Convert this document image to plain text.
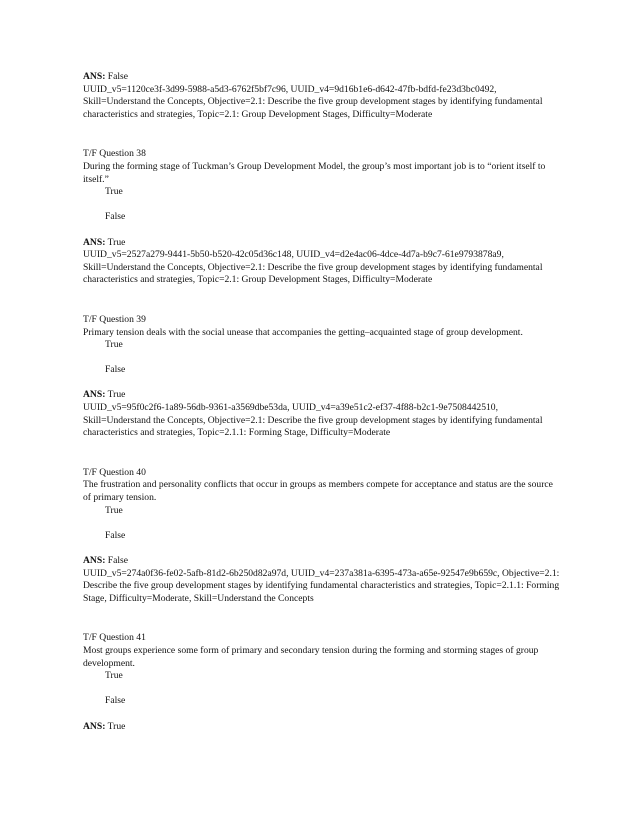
ANS: False

UUID_v5=1120ce3f-3d99-5988-a5d3-6762f5bf7c96, UUID_v4=9d16b1e6-d642-47fb-bdfd-fe23d3bc0492, Skill=Understand the Concepts, Objective=2.1: Describe the five group development stages by identifying fundamental characteristics and strategies, Topic=2.1: Group Development Stages, Difficulty=Moderate

T/F Question 38

During the forming stage of Tuckman’s Group Development Model, the group’s most important job is to “orient itself to itself.”

True

False

ANS: True

UUID_v5=2527a279-9441-5b50-b520-42c05d36c148, UUID_v4=d2e4ac06-4dce-4d7a-b9c7-61e9793878a9, Skill=Understand the Concepts, Objective=2.1: Describe the five group development stages by identifying fundamental characteristics and strategies, Topic=2.1: Group Development Stages, Difficulty=Moderate

T/F Question 39

Primary tension deals with the social unease that accompanies the getting–acquainted stage of group development.

True

False

ANS: True

UUID_v5=95f0c2f6-1a89-56db-9361-a3569dbe53da, UUID_v4=a39e51c2-ef37-4f88-b2c1-9e7508442510, Skill=Understand the Concepts, Objective=2.1: Describe the five group development stages by identifying fundamental characteristics and strategies, Topic=2.1.1: Forming Stage, Difficulty=Moderate

T/F Question 40

The frustration and personality conflicts that occur in groups as members compete for acceptance and status are the source of primary tension.

True

False

ANS: False

UUID_v5=274a0f36-fe02-5afb-81d2-6b250d82a97d, UUID_v4=237a381a-6395-473a-a65e-92547e9b659c, Objective=2.1: Describe the five group development stages by identifying fundamental characteristics and strategies, Topic=2.1.1: Forming Stage, Difficulty=Moderate, Skill=Understand the Concepts

T/F Question 41

Most groups experience some form of primary and secondary tension during the forming and storming stages of group development.

True

False

ANS: True
